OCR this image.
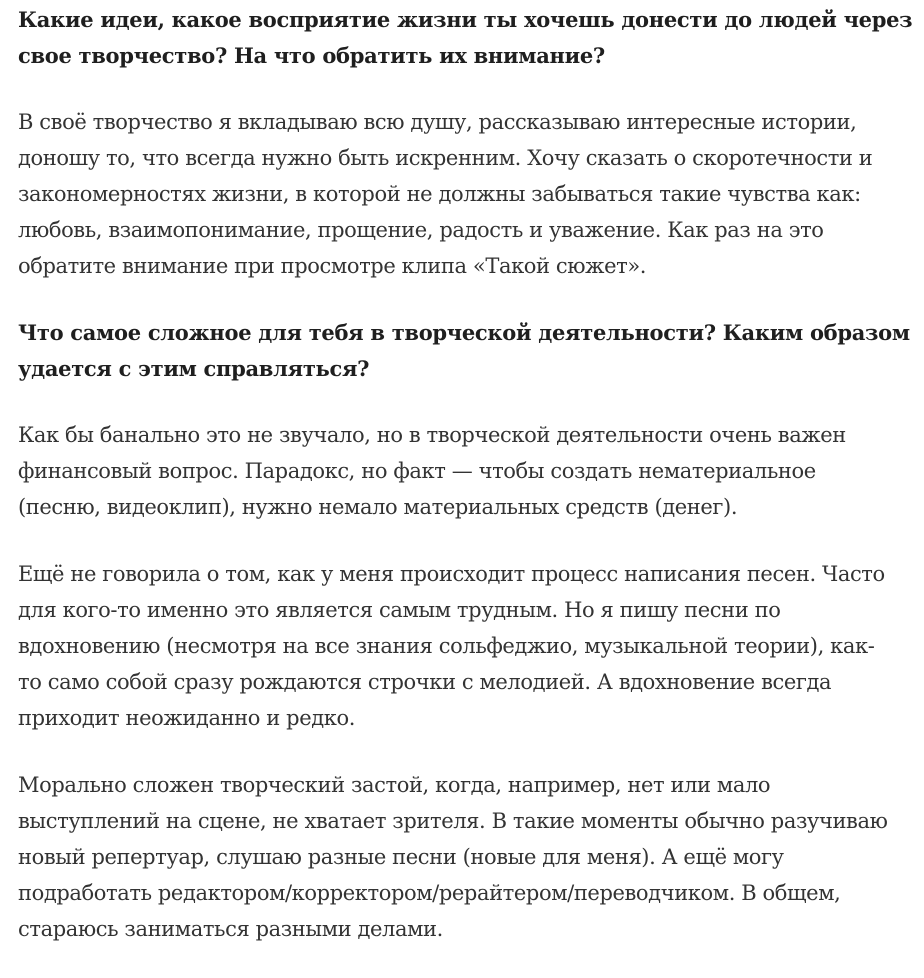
Какие идеи, какое восприятие жизни ты хочешь донести до людей через
свое творчество? На что обратить их внимание?

В своё творчество я вкладываю всю душу, рассказываю интересные истории,
доношу то, что всегда нужно быть искренним. Хочу сказать о скоротечности и
закономерностях жизни, в которой не должны забываться такие чувства как:
любовь, взаимопонимание, прощение, радость и уважение. Как раз на это
обратите внимание при просмотре клипа «Такой сюжет».

Что самое сложное для тебя в творческой деятельности? Каким образом
удается с этим справляться?

Как бы банально это не звучало, но в творческой деятельности очень важен
финансовый вопрос. Парадокс, но факт — чтобы создать нематериальное
(песню, видеоклип), нужно немало материальных средств (денег).

Ещё не говорила о том, как у меня происходит процесс написания песен. Часто
для кого-то именно это является самым трудным. Но я пишу песни по
вдохновению (несмотря на все знания сольфеджио, музыкальной теории), как-
то само собой сразу рождаются строчки с мелодией. А вдохновение всегда
приходит неожиданно и редко.

Морально сложен творческий застой, когда, например, нет или мало
выступлений на сцене, не хватает зрителя. В такие моменты обычно разучиваю
новый репертуар, слушаю разные песни (новые для меня). А ещё могу
подработать редактором/корректором/рерайтером/переводчиком. В общем,
стараюсь заниматься разными делами.
